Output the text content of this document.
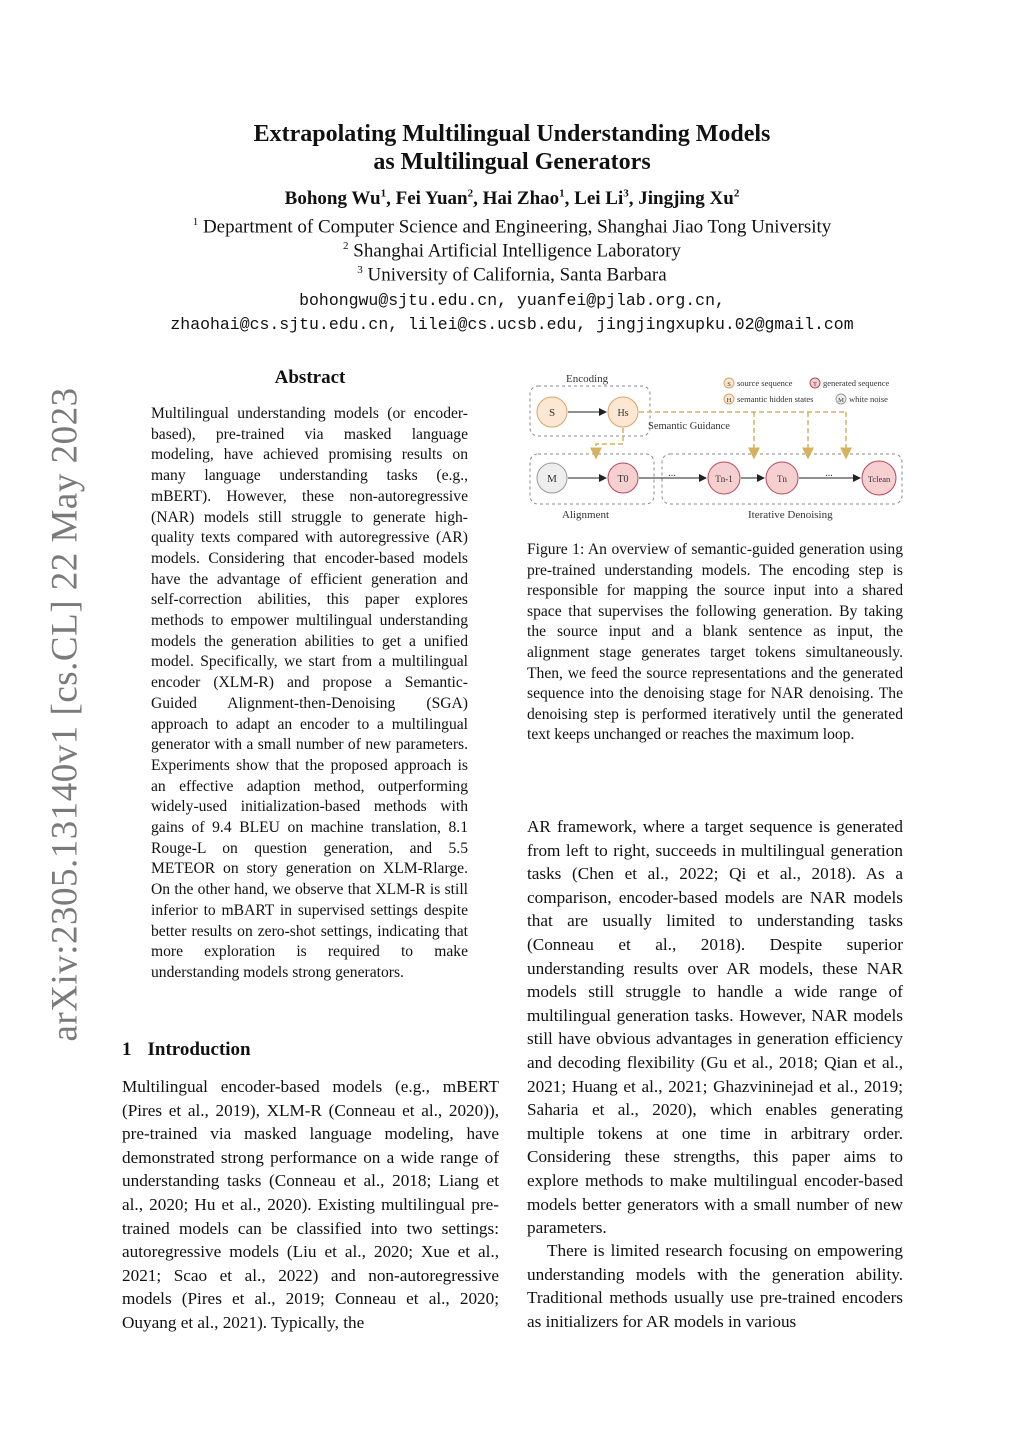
arXiv:2305.13140v1 [cs.CL] 22 May 2023
Extrapolating Multilingual Understanding Models
as Multilingual Generators
Bohong Wu$^1$, Fei Yuan$^2$, Hai Zhao$^1$, Lei Li$^3$, Jingjing Xu$^2$
$^1$ Department of Computer Science and Engineering, Shanghai Jiao Tong University
$^2$ Shanghai Artificial Intelligence Laboratory
$^3$ University of California, Santa Barbara
bohongwu@sjtu.edu.cn, yuanfei@pjlab.org.cn,
zhaohai@cs.sjtu.edu.cn, lilei@cs.ucsb.edu, jingjingxupku.02@gmail.com
Abstract
Multilingual understanding models (or encoder-based), pre-trained via masked language modeling, have achieved promising results on many language understanding tasks (e.g., mBERT). However, these non-autoregressive (NAR) models still struggle to generate high-quality texts compared with autoregressive (AR) models. Considering that encoder-based models have the advantage of efficient generation and self-correction abilities, this paper explores methods to empower multilingual understanding models the generation abilities to get a unified model. Specifically, we start from a multilingual encoder (XLM-R) and propose a Semantic-Guided Alignment-then-Denoising (SGA) approach to adapt an encoder to a multilingual generator with a small number of new parameters. Experiments show that the proposed approach is an effective adaption method, outperforming widely-used initialization-based methods with gains of 9.4 BLEU on machine translation, 8.1 Rouge-L on question generation, and 5.5 METEOR on story generation on XLM-Rlarge. On the other hand, we observe that XLM-R is still inferior to mBART in supervised settings despite better results on zero-shot settings, indicating that more exploration is required to make understanding models strong generators.
1 Introduction
Multilingual encoder-based models (e.g., mBERT (Pires et al., 2019), XLM-R (Conneau et al., 2020)), pre-trained via masked language modeling, have demonstrated strong performance on a wide range of understanding tasks (Conneau et al., 2018; Liang et al., 2020; Hu et al., 2020). Existing multilingual pre-trained models can be classified into two settings: autoregressive models (Liu et al., 2020; Xue et al., 2021; Scao et al., 2022) and non-autoregressive models (Pires et al., 2019; Conneau et al., 2020; Ouyang et al., 2021). Typically, the
AR framework, where a target sequence is generated from left to right, succeeds in multilingual generation tasks (Chen et al., 2022; Qi et al., 2018). As a comparison, encoder-based models are NAR models that are usually limited to understanding tasks (Conneau et al., 2018). Despite superior understanding results over AR models, these NAR models still struggle to handle a wide range of multilingual generation tasks. However, NAR models still have obvious advantages in generation efficiency and decoding flexibility (Gu et al., 2018; Qian et al., 2021; Huang et al., 2021; Ghazvininejad et al., 2019; Saharia et al., 2020), which enables generating multiple tokens at one time in arbitrary order. Considering these strengths, this paper aims to explore methods to make multilingual encoder-based models better generators with a small number of new parameters.
There is limited research focusing on empowering understanding models with the generation ability. Traditional methods usually use pre-trained encoders as initializers for AR models in various
Encoding
Alignment	Iterative Denoising
S	Hs
M	T0
...	Tn-1	Tn	...	Tclean
Semantic Guidance
S source sequence	T generated sequence
H semantic hidden states	M white noise
Figure 1: An overview of semantic-guided generation using pre-trained understanding models. The encoding step is responsible for mapping the source input into a shared space that supervises the following generation. By taking the source input and a blank sentence as input, the alignment stage generates target tokens simultaneously. Then, we feed the source representations and the generated sequence into the denoising stage for NAR denoising. The denoising step is performed iteratively until the generated text keeps unchanged or reaches the maximum loop.
